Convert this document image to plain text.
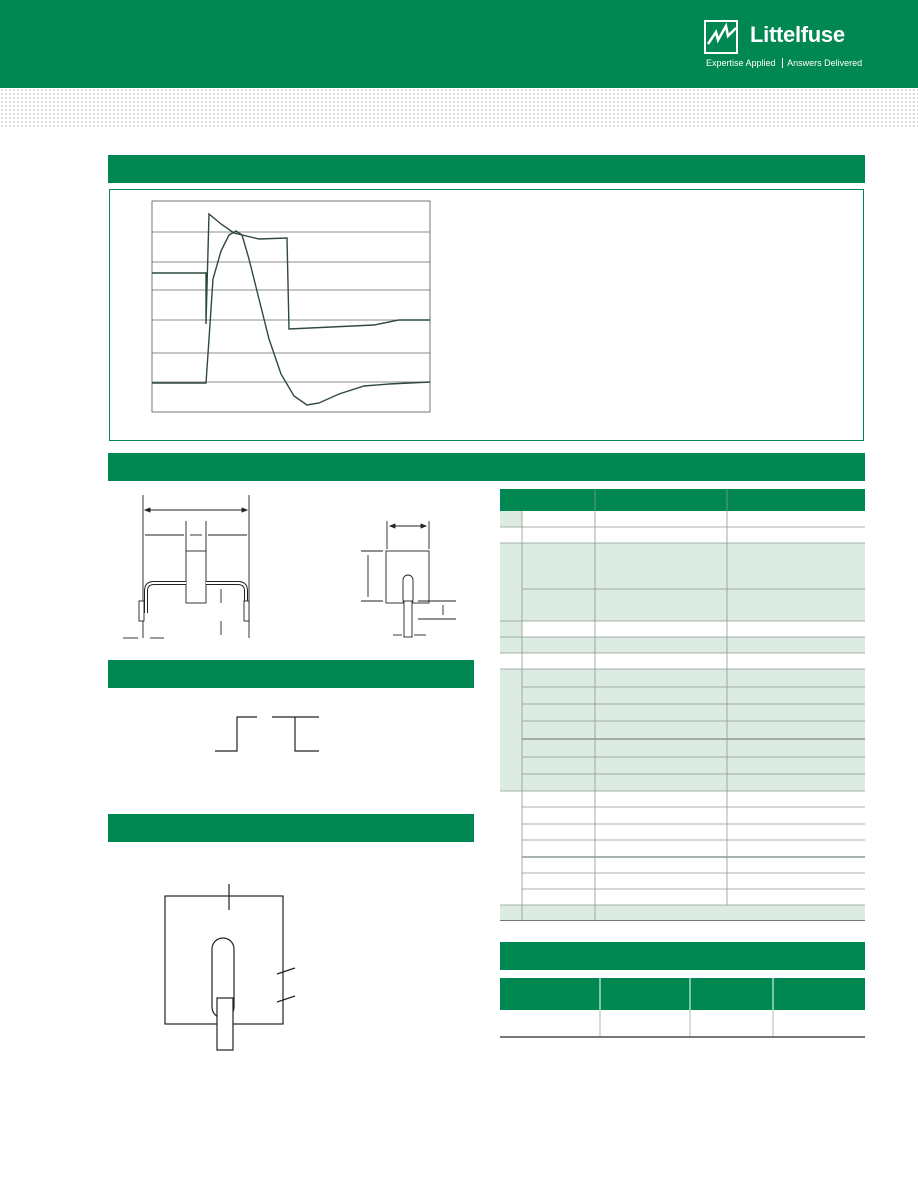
Littelfuse
Expertise Applied Answers Delivered
